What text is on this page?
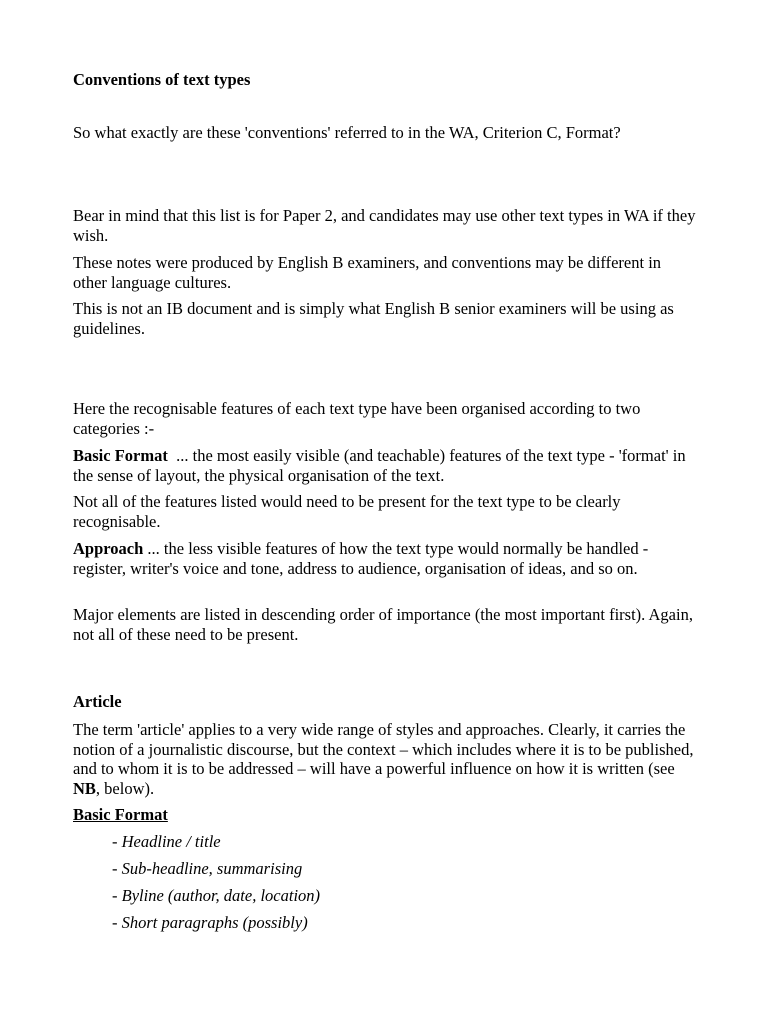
Conventions of text types

So what exactly are these 'conventions' referred to in the WA, Criterion C, Format?

Bear in mind that this list is for Paper 2, and candidates may use other text types in WA if they wish.

These notes were produced by English B examiners, and conventions may be different in other language cultures.

This is not an IB document and is simply what English B senior examiners will be using as guidelines.

Here the recognisable features of each text type have been organised according to two categories :-

Basic Format  ... the most easily visible (and teachable) features of the text type - 'format' in the sense of layout, the physical organisation of the text.

Not all of the features listed would need to be present for the text type to be clearly recognisable.

Approach ... the less visible features of how the text type would normally be handled - register, writer's voice and tone, address to audience, organisation of ideas, and so on.

Major elements are listed in descending order of importance (the most important first). Again, not all of these need to be present.

Article

The term 'article' applies to a very wide range of styles and approaches. Clearly, it carries the notion of a journalistic discourse, but the context – which includes where it is to be published, and to whom it is to be addressed – will have a powerful influence on how it is written (see NB, below).

Basic Format

- Headline / title

- Sub-headline, summarising

- Byline (author, date, location)

- Short paragraphs (possibly)
